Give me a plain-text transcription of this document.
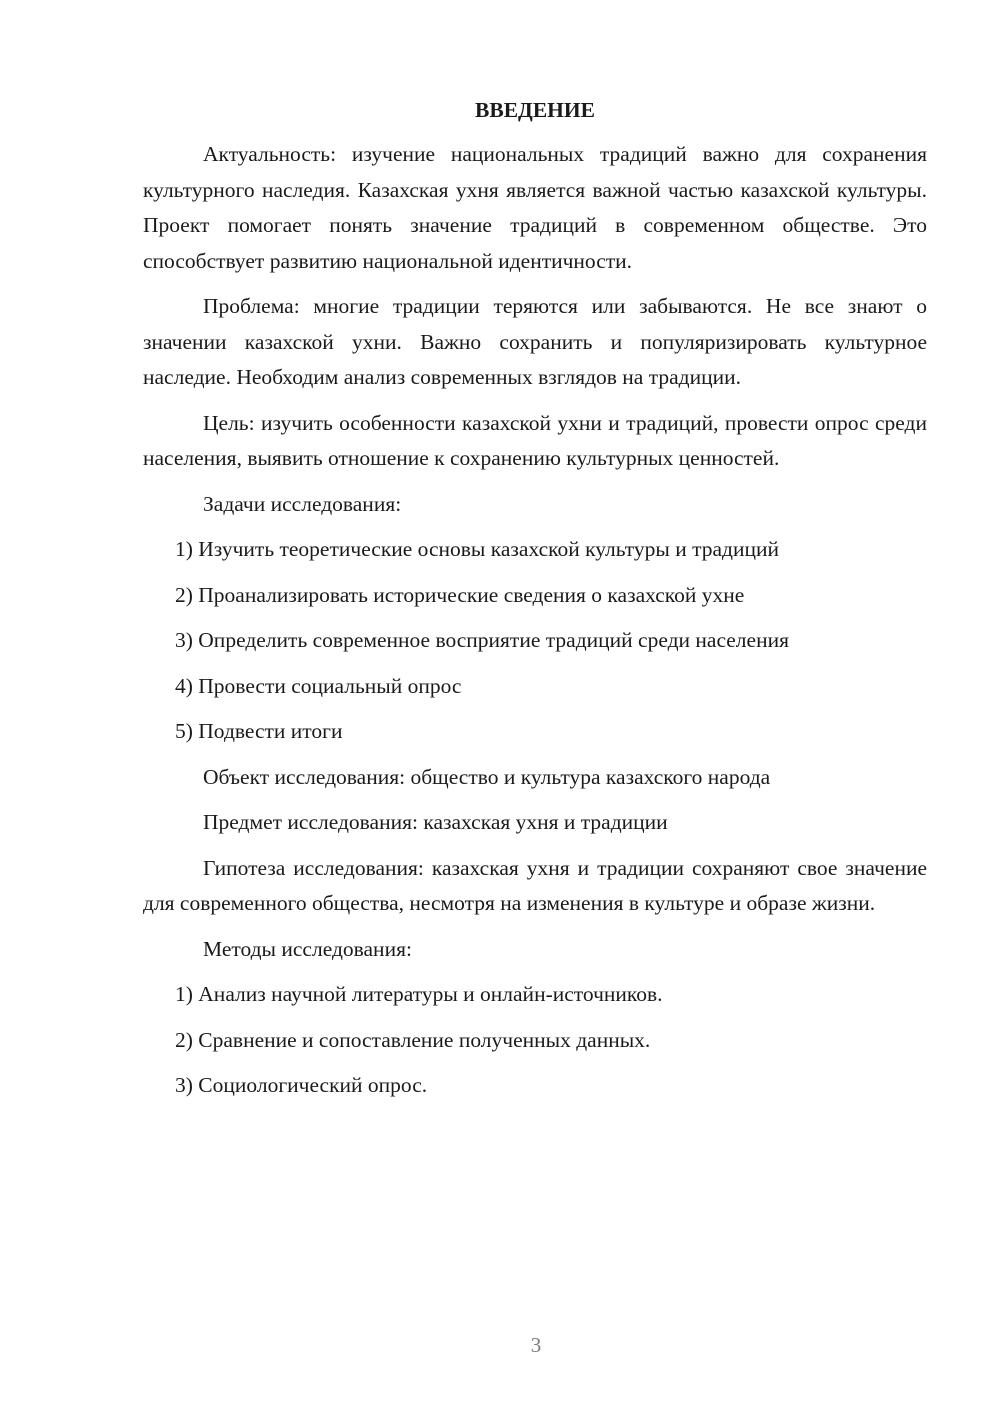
ВВЕДЕНИЕ

Актуальность: изучение национальных традиций важно для сохранения культурного наследия. Казахская ухня является важной частью казахской культуры. Проект помогает понять значение традиций в современном обществе. Это способствует развитию национальной идентичности.

Проблема: многие традиции теряются или забываются. Не все знают о значении казахской ухни. Важно сохранить и популяризировать культурное наследие. Необходим анализ современных взглядов на традиции.

Цель: изучить особенности казахской ухни и традиций, провести опрос среди населения, выявить отношение к сохранению культурных ценностей.

Задачи исследования:
1) Изучить теоретические основы казахской культуры и традиций
2) Проанализировать исторические сведения о казахской ухне
3) Определить современное восприятие традиций среди населения
4) Провести социальный опрос
5) Подвести итоги
Объект исследования: общество и культура казахского народа
Предмет исследования: казахская ухня и традиции

Гипотеза исследования: казахская ухня и традиции сохраняют свое значение для современного общества, несмотря на изменения в культуре и образе жизни.

Методы исследования:
1) Анализ научной литературы и онлайн-источников.
2) Сравнение и сопоставление полученных данных.
3) Социологический опрос.
3
